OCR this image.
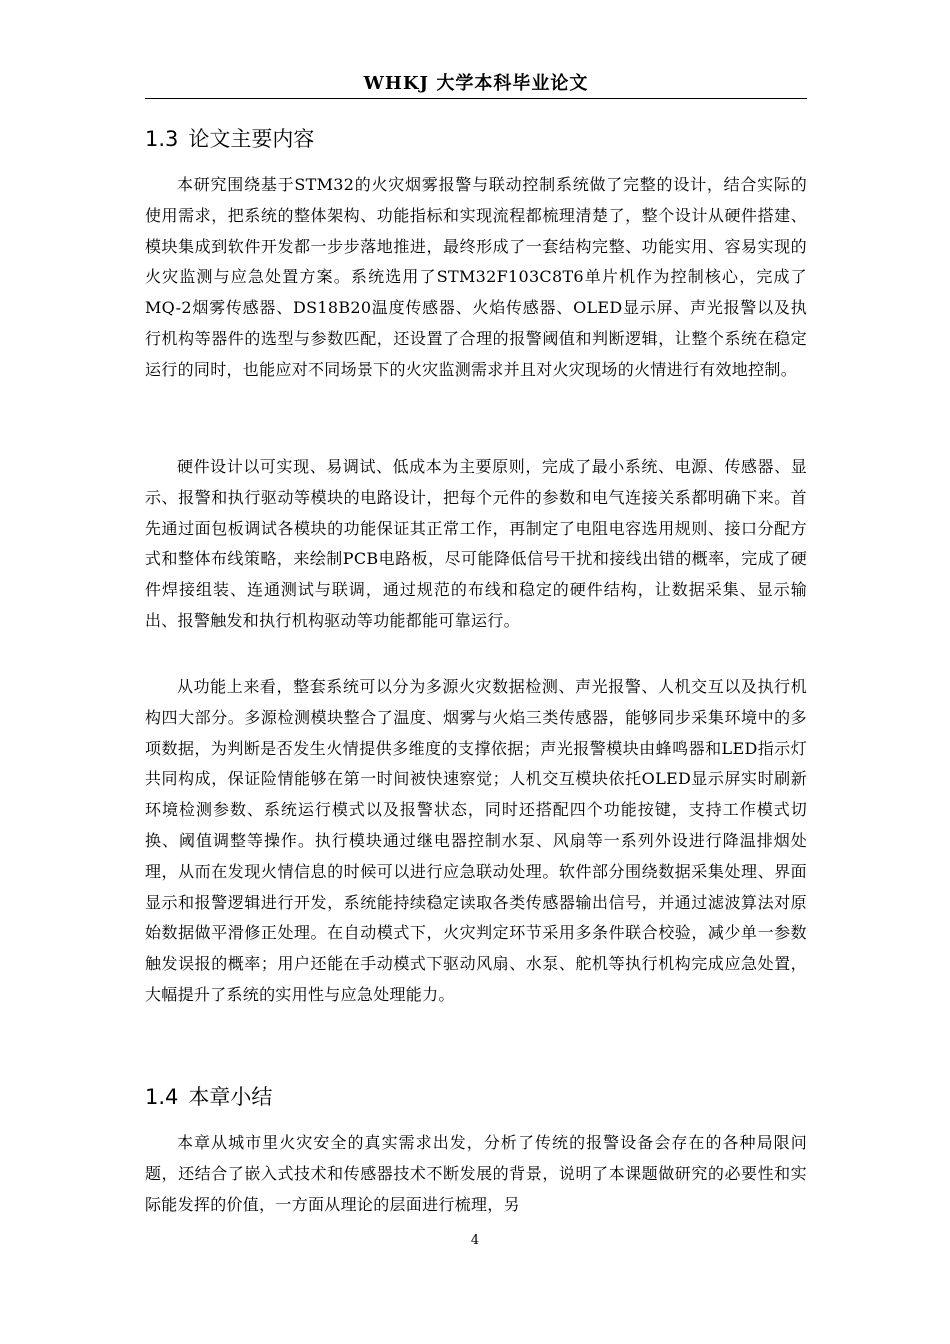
WHKJ 大学本科毕业论文
1.3 论文主要内容
本研究围绕基于STM32的火灾烟雾报警与联动控制系统做了完整的设计，结合实际的使用需求，把系统的整体架构、功能指标和实现流程都梳理清楚了，整个设计从硬件搭建、模块集成到软件开发都一步步落地推进，最终形成了一套结构完整、功能实用、容易实现的火灾监测与应急处置方案。系统选用了STM32F103C8T6单片机作为控制核心，完成了MQ-2烟雾传感器、DS18B20温度传感器、火焰传感器、OLED显示屏、声光报警以及执行机构等器件的选型与参数匹配，还设置了合理的报警阈值和判断逻辑，让整个系统在稳定运行的同时，也能应对不同场景下的火灾监测需求并且对火灾现场的火情进行有效地控制。
硬件设计以可实现、易调试、低成本为主要原则，完成了最小系统、电源、传感器、显示、报警和执行驱动等模块的电路设计，把每个元件的参数和电气连接关系都明确下来。首先通过面包板调试各模块的功能保证其正常工作，再制定了电阻电容选用规则、接口分配方式和整体布线策略，来绘制PCB电路板，尽可能降低信号干扰和接线出错的概率，完成了硬件焊接组装、连通测试与联调，通过规范的布线和稳定的硬件结构，让数据采集、显示输出、报警触发和执行机构驱动等功能都能可靠运行。
从功能上来看，整套系统可以分为多源火灾数据检测、声光报警、人机交互以及执行机构四大部分。多源检测模块整合了温度、烟雾与火焰三类传感器，能够同步采集环境中的多项数据，为判断是否发生火情提供多维度的支撑依据；声光报警模块由蜂鸣器和LED指示灯共同构成，保证险情能够在第一时间被快速察觉；人机交互模块依托OLED显示屏实时刷新环境检测参数、系统运行模式以及报警状态，同时还搭配四个功能按键，支持工作模式切换、阈值调整等操作。执行模块通过继电器控制水泵、风扇等一系列外设进行降温排烟处理，从而在发现火情信息的时候可以进行应急联动处理。软件部分围绕数据采集处理、界面显示和报警逻辑进行开发，系统能持续稳定读取各类传感器输出信号，并通过滤波算法对原始数据做平滑修正处理。在自动模式下，火灾判定环节采用多条件联合校验，减少单一参数触发误报的概率；用户还能在手动模式下驱动风扇、水泵、舵机等执行机构完成应急处置，大幅提升了系统的实用性与应急处理能力。
1.4 本章小结
本章从城市里火灾安全的真实需求出发，分析了传统的报警设备会存在的各种局限问题，还结合了嵌入式技术和传感器技术不断发展的背景，说明了本课题做研究的必要性和实际能发挥的价值，一方面从理论的层面进行梳理，另
4
